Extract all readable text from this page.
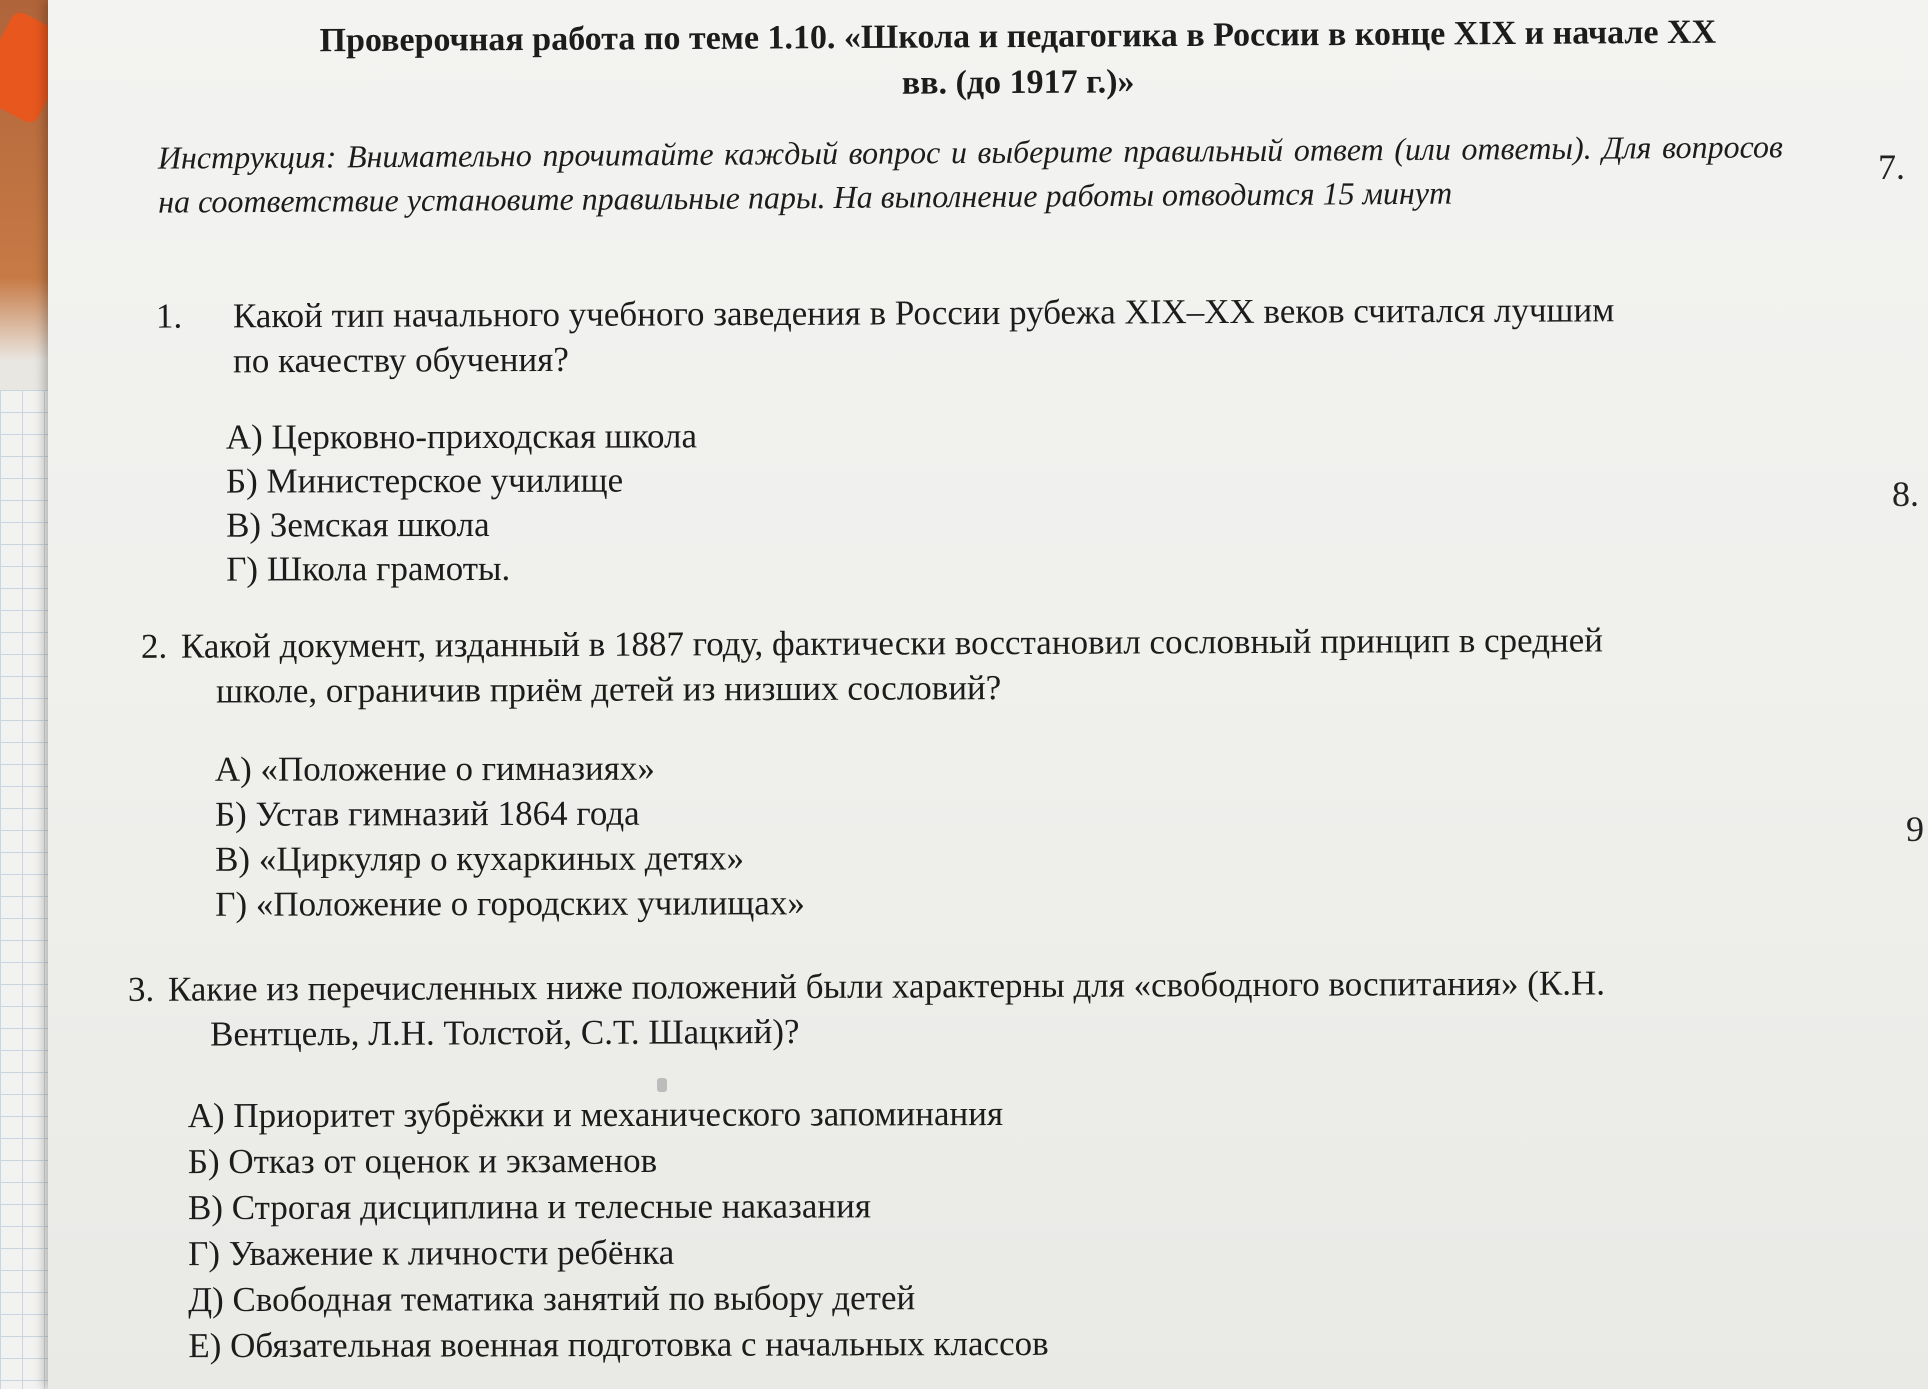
Проверочная работа по теме 1.10. «Школа и педагогика в России в конце XIX и начале XX
вв. (до 1917 г.)»
Инструкция: Внимательно прочитайте каждый вопрос и выберите правильный ответ (или ответы). Для вопросов на соответствие установите правильные пары. На выполнение работы отводится 15 минут
1.	Какой тип начального учебного заведения в России рубежа XIX–XX веков считался лучшим
по качеству обучения?
А) Церковно-приходская школа
Б) Министерское училище
В) Земская школа
Г) Школа грамоты.
2. Какой документ, изданный в 1887 году, фактически восстановил сословный принцип в средней
школе, ограничив приём детей из низших сословий?
А) «Положение о гимназиях»
Б) Устав гимназий 1864 года
В) «Циркуляр о кухаркиных детях»
Г) «Положение о городских училищах»
3. Какие из перечисленных ниже положений были характерны для «свободного воспитания» (К.Н.
Вентцель, Л.Н. Толстой, С.Т. Шацкий)?
А) Приоритет зубрёжки и механического запоминания
Б) Отказ от оценок и экзаменов
В) Строгая дисциплина и телесные наказания
Г) Уважение к личности ребёнка
Д) Свободная тематика занятий по выбору детей
Е) Обязательная военная подготовка с начальных классов
7.
8.
9
